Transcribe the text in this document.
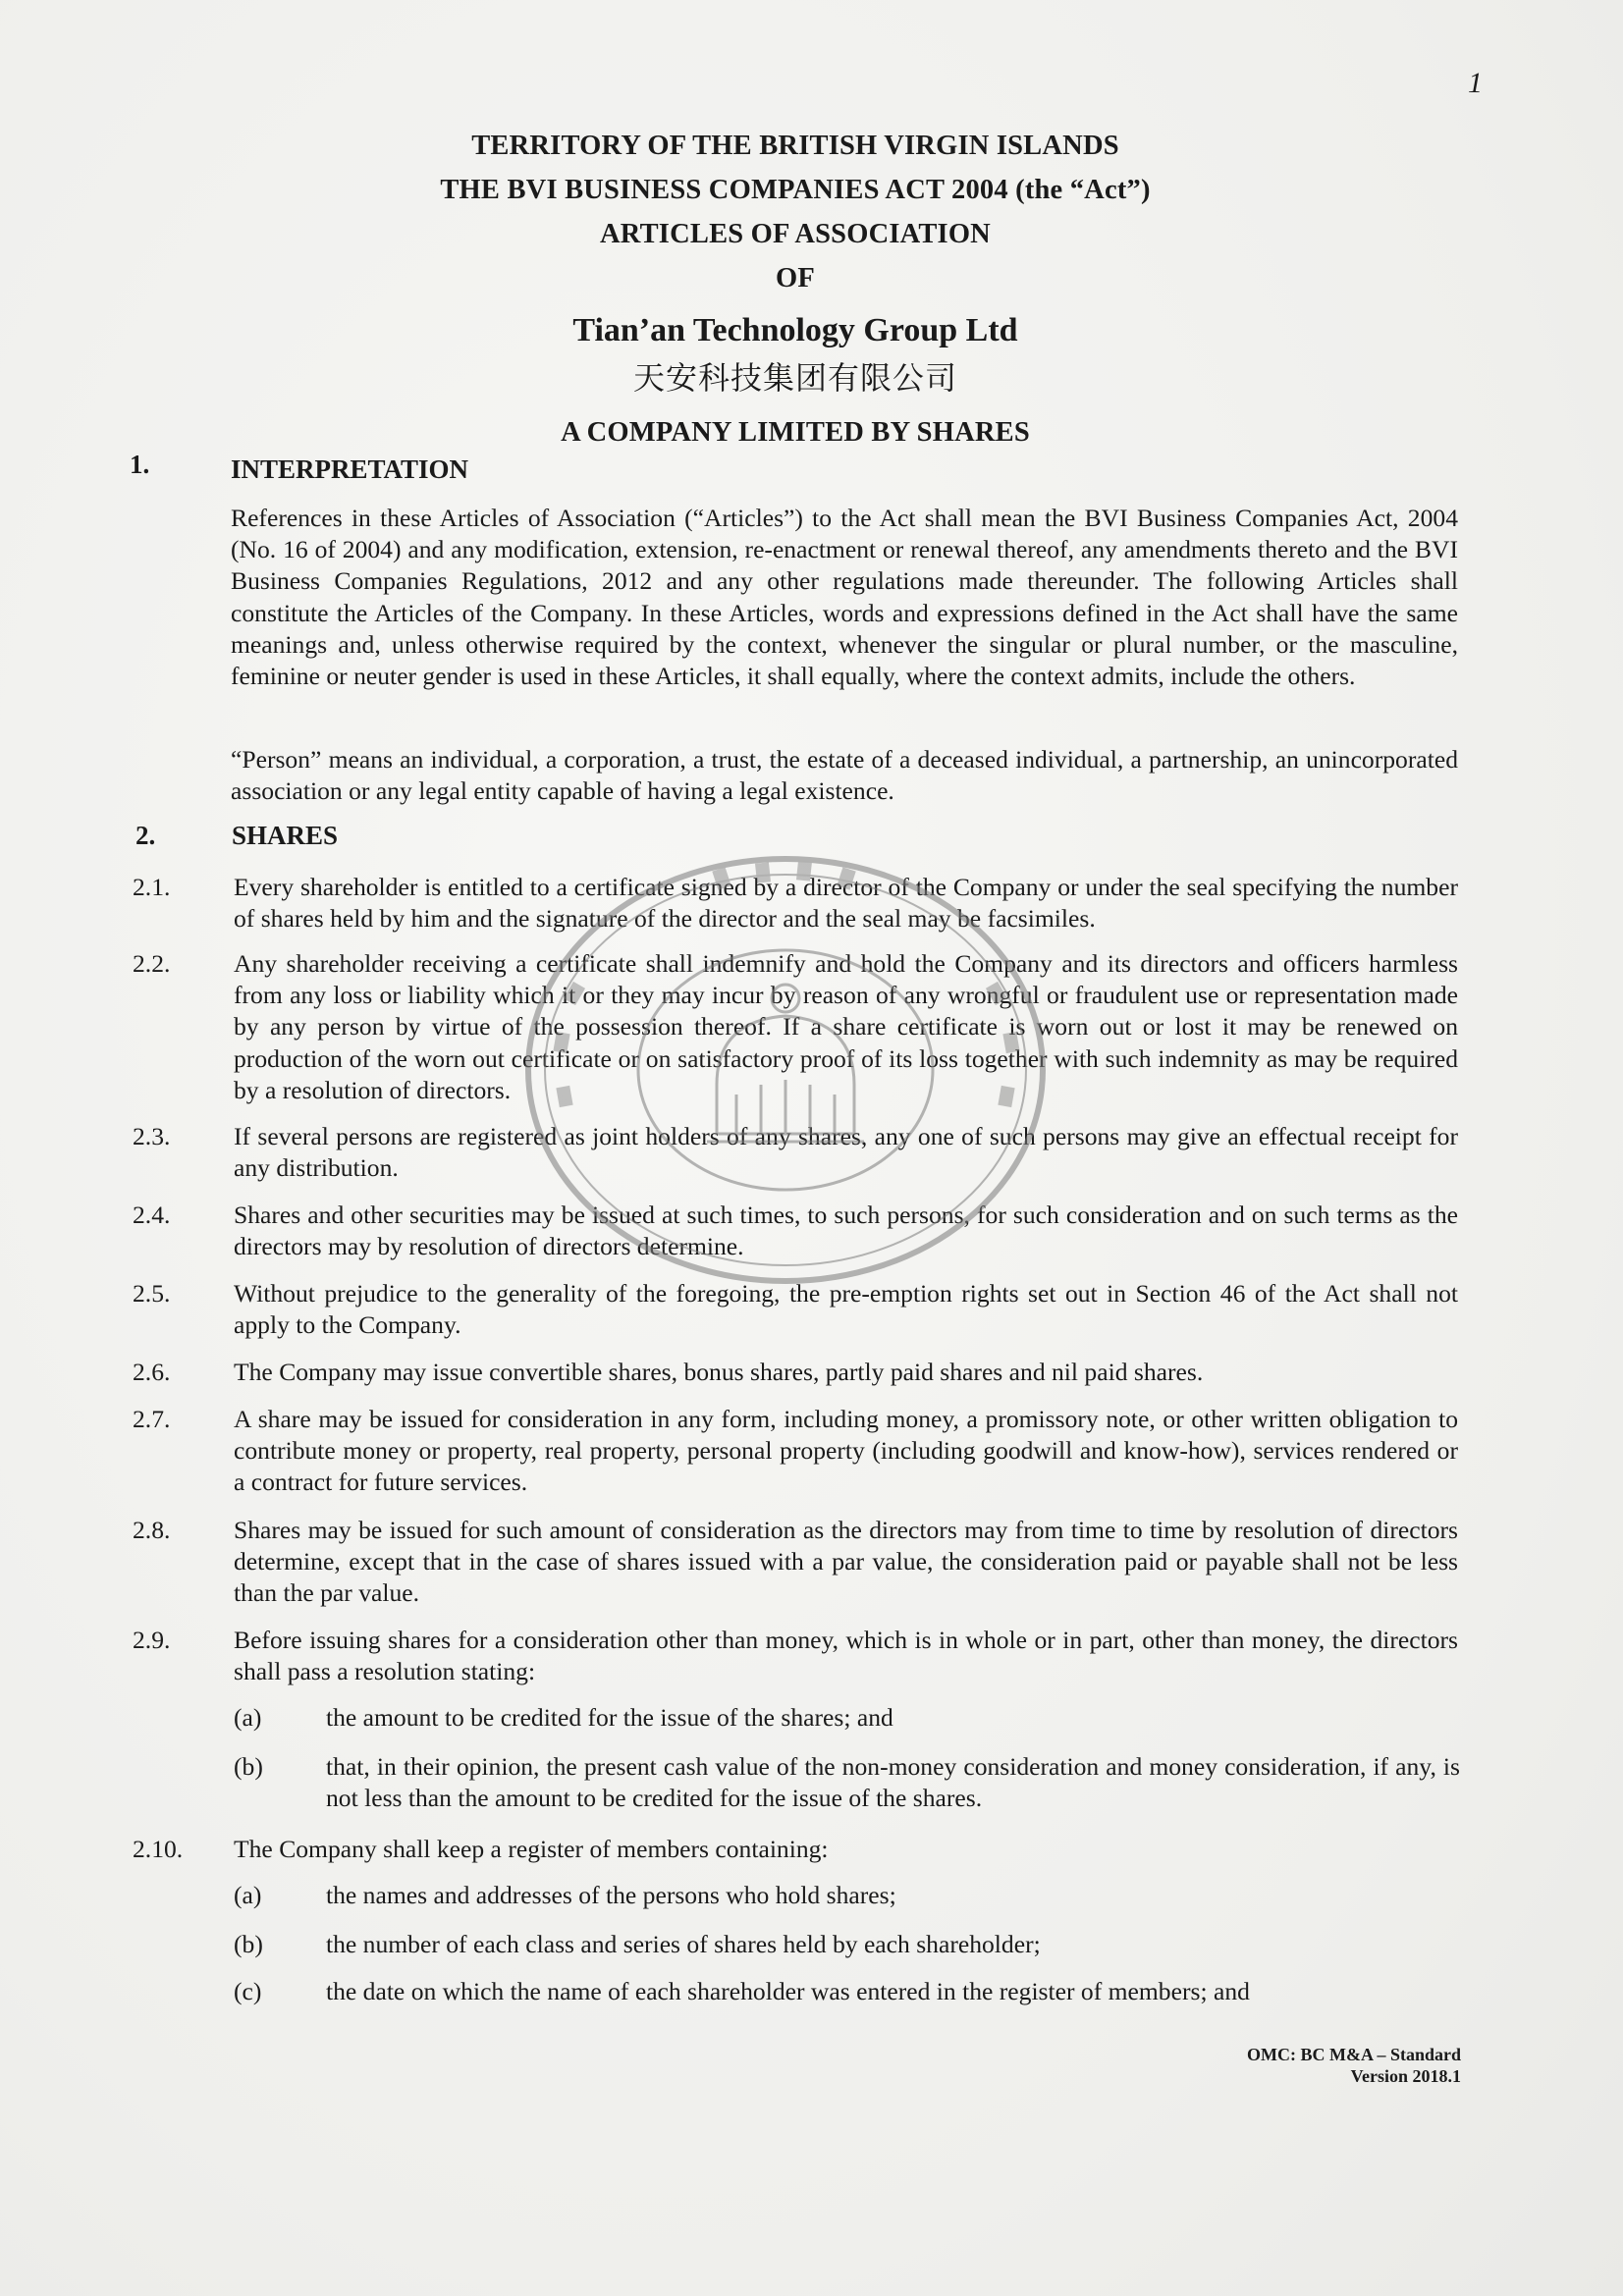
1
TERRITORY OF THE BRITISH VIRGIN ISLANDS
THE BVI BUSINESS COMPANIES ACT 2004 (the “Act”)
ARTICLES OF ASSOCIATION
OF
Tian’an Technology Group Ltd
天安科技集团有限公司
A COMPANY LIMITED BY SHARES
1.	INTERPRETATION
References in these Articles of Association (“Articles”) to the Act shall mean the BVI Business Companies Act, 2004 (No. 16 of 2004) and any modification, extension, re-enactment or renewal thereof, any amendments thereto and the BVI Business Companies Regulations, 2012 and any other regulations made thereunder. The following Articles shall constitute the Articles of the Company. In these Articles, words and expressions defined in the Act shall have the same meanings and, unless otherwise required by the context, whenever the singular or plural number, or the masculine, feminine or neuter gender is used in these Articles, it shall equally, where the context admits, include the others.
“Person” means an individual, a corporation, a trust, the estate of a deceased individual, a partnership, an unincorporated association or any legal entity capable of having a legal existence.
2.	SHARES
2.1.	Every shareholder is entitled to a certificate signed by a director of the Company or under the seal specifying the number of shares held by him and the signature of the director and the seal may be facsimiles.
2.2.	Any shareholder receiving a certificate shall indemnify and hold the Company and its directors and officers harmless from any loss or liability which it or they may incur by reason of any wrongful or fraudulent use or representation made by any person by virtue of the possession thereof. If a share certificate is worn out or lost it may be renewed on production of the worn out certificate or on satisfactory proof of its loss together with such indemnity as may be required by a resolution of directors.
2.3.	If several persons are registered as joint holders of any shares, any one of such persons may give an effectual receipt for any distribution.
2.4.	Shares and other securities may be issued at such times, to such persons, for such consideration and on such terms as the directors may by resolution of directors determine.
2.5.	Without prejudice to the generality of the foregoing, the pre-emption rights set out in Section 46 of the Act shall not apply to the Company.
2.6.	The Company may issue convertible shares, bonus shares, partly paid shares and nil paid shares.
2.7.	A share may be issued for consideration in any form, including money, a promissory note, or other written obligation to contribute money or property, real property, personal property (including goodwill and know-how), services rendered or a contract for future services.
2.8.	Shares may be issued for such amount of consideration as the directors may from time to time by resolution of directors determine, except that in the case of shares issued with a par value, the consideration paid or payable shall not be less than the par value.
2.9.	Before issuing shares for a consideration other than money, which is in whole or in part, other than money, the directors shall pass a resolution stating:
(a)	the amount to be credited for the issue of the shares; and
(b)	that, in their opinion, the present cash value of the non-money consideration and money consideration, if any, is not less than the amount to be credited for the issue of the shares.
2.10. The Company shall keep a register of members containing:
(a)	the names and addresses of the persons who hold shares;
(b)	the number of each class and series of shares held by each shareholder;
(c)	the date on which the name of each shareholder was entered in the register of members; and
OMC: BC M&A – Standard
Version 2018.1
